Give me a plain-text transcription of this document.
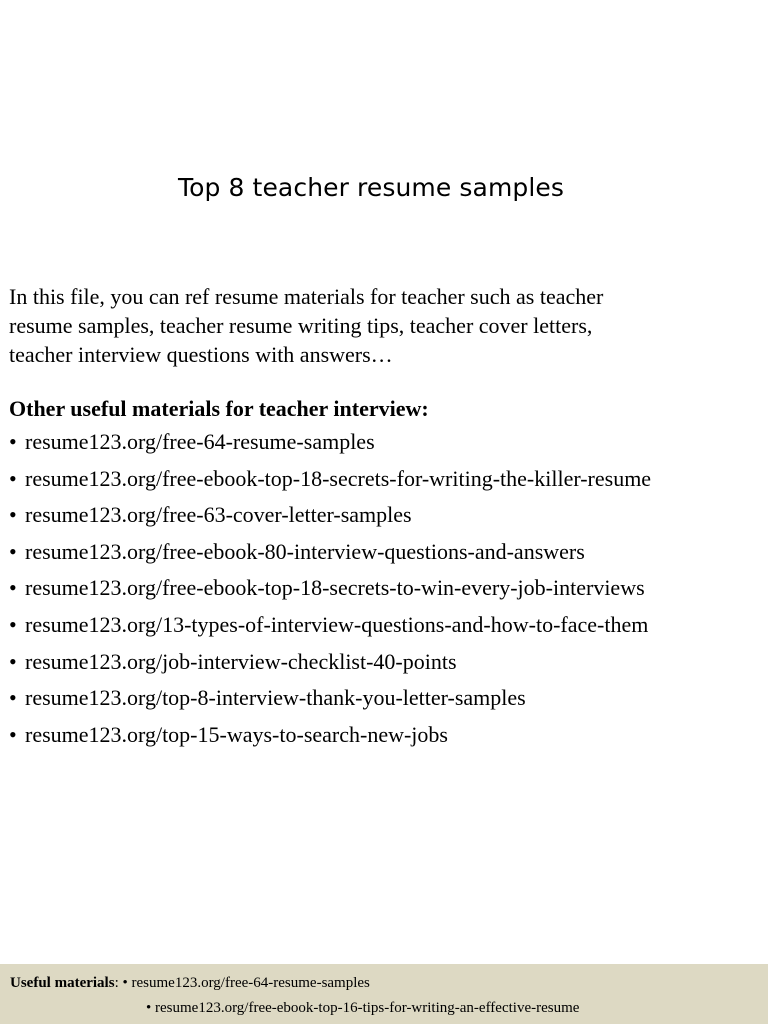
Top 8 teacher resume samples
In this file, you can ref resume materials for teacher such as teacher
resume samples, teacher resume writing tips, teacher cover letters,
teacher interview questions with answers…
Other useful materials for teacher interview:
• resume123.org/free-64-resume-samples
• resume123.org/free-ebook-top-18-secrets-for-writing-the-killer-resume
• resume123.org/free-63-cover-letter-samples
• resume123.org/free-ebook-80-interview-questions-and-answers
• resume123.org/free-ebook-top-18-secrets-to-win-every-job-interviews
• resume123.org/13-types-of-interview-questions-and-how-to-face-them
• resume123.org/job-interview-checklist-40-points
• resume123.org/top-8-interview-thank-you-letter-samples
• resume123.org/top-15-ways-to-search-new-jobs
Useful materials: • resume123.org/free-64-resume-samples
• resume123.org/free-ebook-top-16-tips-for-writing-an-effective-resume
